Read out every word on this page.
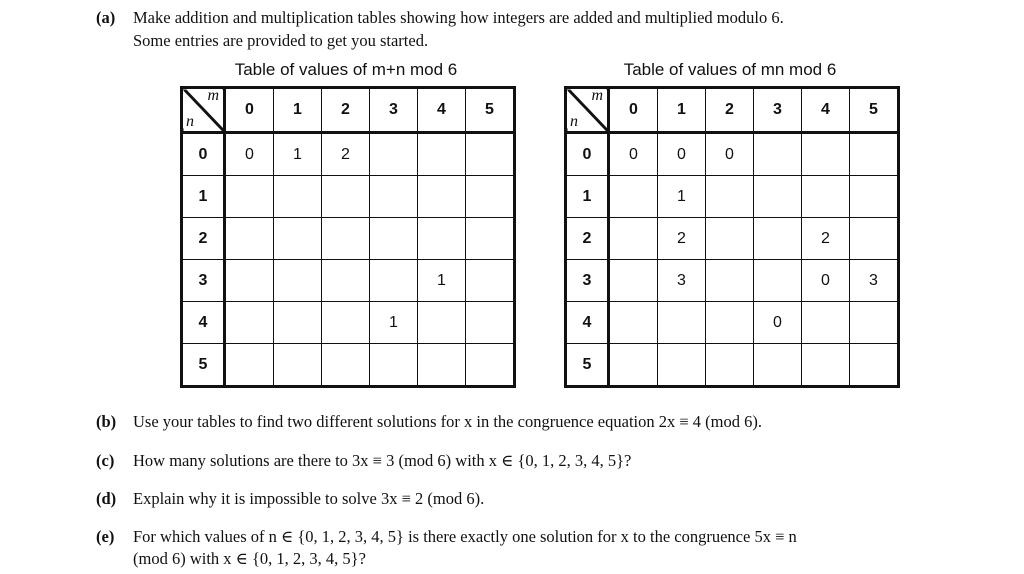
(a) Make addition and multiplication tables showing how integers are added and multiplied modulo 6.
Some entries are provided to get you started.
(b) Use your tables to find two different solutions for x in the congruence equation 2x ≡ 4 (mod 6).
(c) How many solutions are there to 3x ≡ 3 (mod 6) with x ∈ {0, 1, 2, 3, 4, 5}?
(d) Explain why it is impossible to solve 3x ≡ 2 (mod 6).
(e) For which values of n ∈ {0, 1, 2, 3, 4, 5} is there exactly one solution for x to the congruence 5x ≡ n
(mod 6) with x ∈ {0, 1, 2, 3, 4, 5}?
Table of values of m+n mod 6
m
n	0	1	2	3	4	5
0	0	1	2			
1						
2						
3					1	
4				1		
5						
Table of values of mn mod 6
m
n	0	1	2	3	4	5
0	0	0	0			
1		1				
2		2			2	
3		3			0	3
4				0		
5						
